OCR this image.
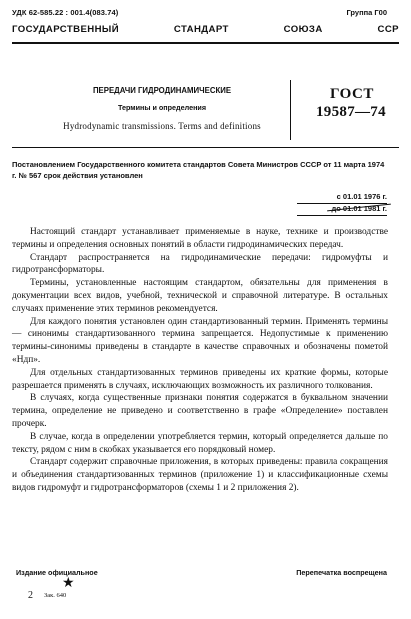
УДК 62-585.22 : 001.4(083.74)	Группа Г00
ГОСУДАРСТВЕННЫЙ СТАНДАРТ СОЮЗА ССР
ПЕРЕДАЧИ ГИДРОДИНАМИЧЕСКИЕ
Термины и определения
Hydrodynamic transmissions. Terms and definitions
ГОСТ
19587—74
Постановлением Государственного комитета стандартов Совета Министров СССР от 11 марта 1974 г. № 567 срок действия установлен
с 01.01 1976 г.
до 01.01 1981 г.

Настоящий стандарт устанавливает применяемые в науке, технике и производстве термины и определения основных понятий в области гидродинамических передач.

Стандарт распространяется на гидродинамические передачи: гидромуфты и гидротрансформаторы.

Термины, установленные настоящим стандартом, обязательны для применения в документации всех видов, учебной, технической и справочной литературе. В остальных случаях применение этих терминов рекомендуется.

Для каждого понятия установлен один стандартизованный термин. Применять термины — синонимы стандартизованного термина запрещается. Недопустимые к применению термины-синонимы приведены в стандарте в качестве справочных и обозначены пометой «Ндп».

Для отдельных стандартизованных терминов приведены их краткие формы, которые разрешается применять в случаях, исключающих возможность их различного толкования.

В случаях, когда существенные признаки понятия содержатся в буквальном значении термина, определение не приведено и соответственно в графе «Определение» поставлен прочерк.

В случае, когда в определении употребляется термин, который определяется дальше по тексту, рядом с ним в скобках указывается его порядковый номер.

Стандарт содержит справочные приложения, в которых приведены: правила сокращения и объединения стандартизованных терминов (приложение 1) и классификационные схемы видов гидромуфт и гидротрансформаторов (схемы 1 и 2 приложения 2).

Издание официальное	Перепечатка воспрещена
★
2 Зак. 640
